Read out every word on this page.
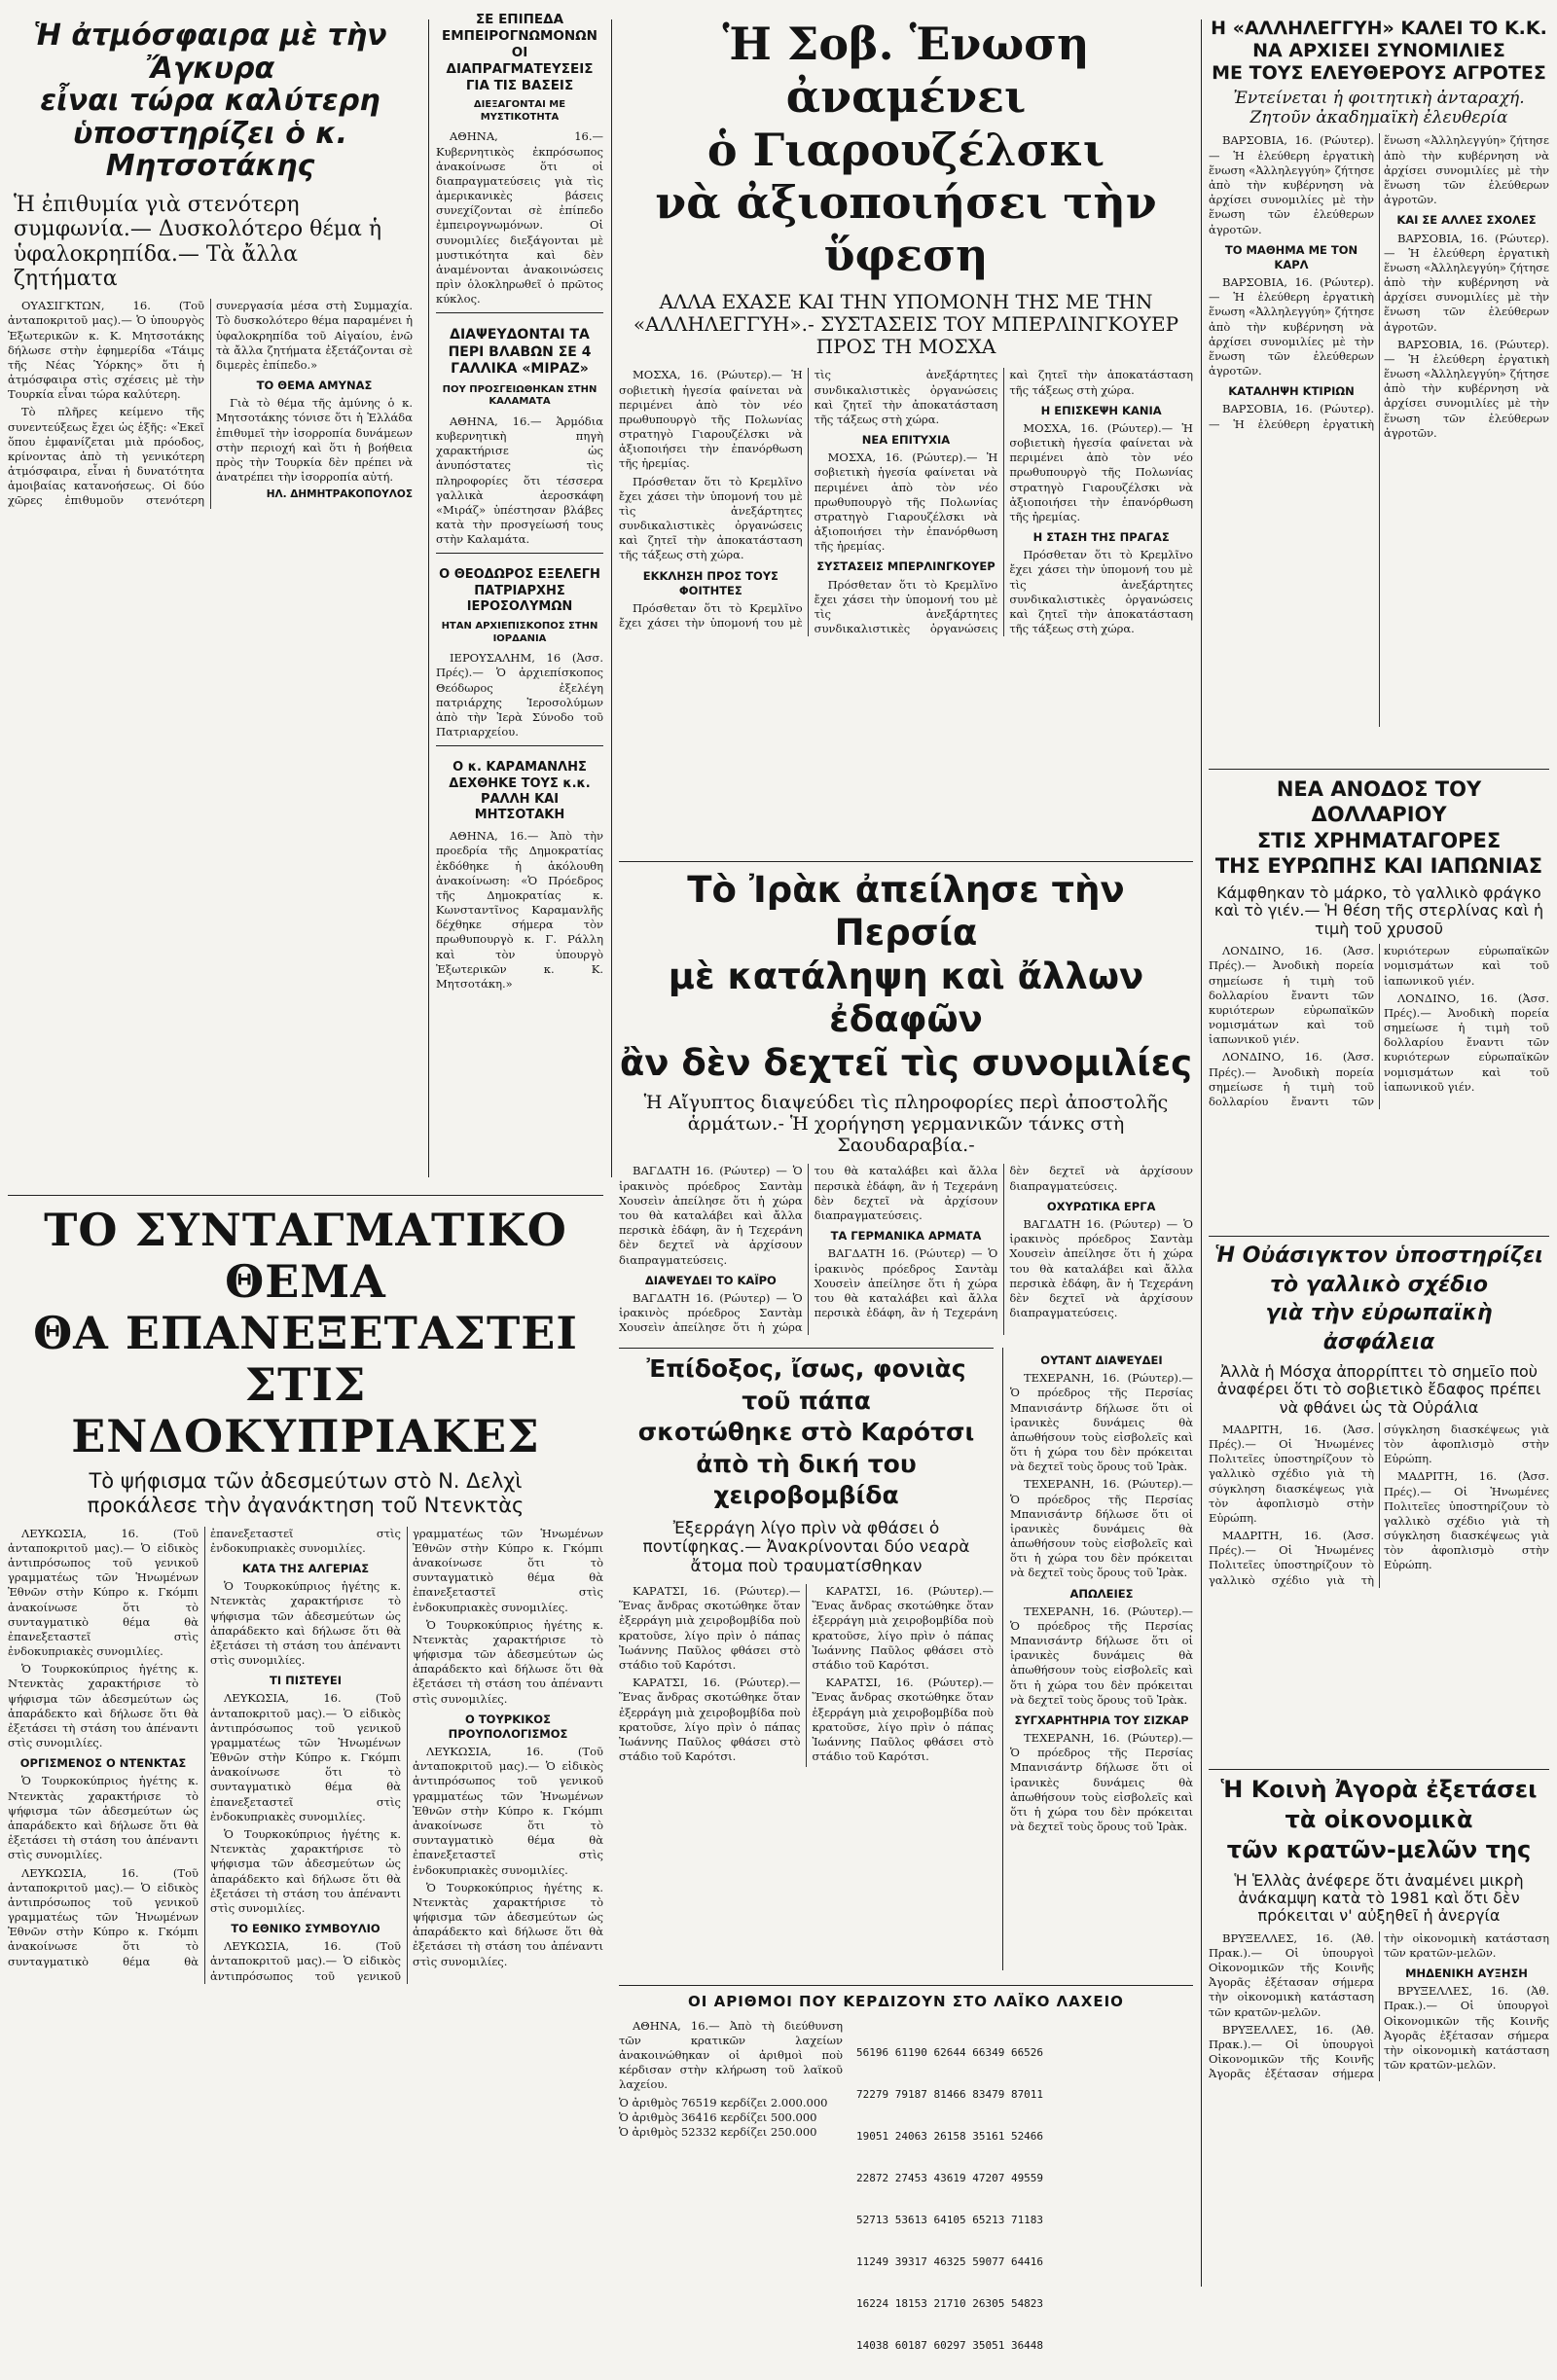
Ἡ ἀτμόσφαιρα μὲ τὴν Ἄγκυρα
εἶναι τώρα καλύτερη
ὑποστηρίζει ὁ κ. Μητσοτάκης
Ἡ ἐπιθυμία γιὰ στενότερη συμφωνία.— Δυσκολότερο θέμα ἡ ὑφαλοκρηπίδα.— Τὰ ἄλλα ζητήματα

ΟΥΑΣΙΓΚΤΩΝ, 16. (Τοῦ ἀνταποκριτοῦ μας).— Ὁ ὑπουργὸς Ἐξωτερικῶν κ. Κ. Μητσοτάκης δήλωσε στὴν ἐφημερίδα «Τάιμς τῆς Νέας Ὑόρκης» ὅτι ἡ ἀτμόσφαιρα στὶς σχέσεις μὲ τὴν Τουρκία εἶναι τώρα καλύτερη.

Τὸ πλῆρες κείμενο τῆς συνεντεύξεως ἔχει ὡς ἑξῆς: «Ἐκεῖ ὅπου ἐμφανίζεται μιὰ πρόοδος, κρίνοντας ἀπὸ τὴ γενικότερη ἀτμόσφαιρα, εἶναι ἡ δυνατότητα ἀμοιβαίας κατανοήσεως. Οἱ δύο χῶρες ἐπιθυμοῦν στενότερη συνεργασία μέσα στὴ Συμμαχία. Τὸ δυσκολότερο θέμα παραμένει ἡ ὑφαλοκρηπίδα τοῦ Αἰγαίου, ἐνῶ τὰ ἄλλα ζητήματα ἐξετάζονται σὲ διμερὲς ἐπίπεδο.»

ΤΟ ΘΕΜΑ ΑΜΥΝΑΣ

Γιὰ τὸ θέμα τῆς ἀμύνης ὁ κ. Μητσοτάκης τόνισε ὅτι ἡ Ἑλλάδα ἐπιθυμεῖ τὴν ἰσορροπία δυνάμεων στὴν περιοχή καὶ ὅτι ἡ βοήθεια πρὸς τὴν Τουρκία δὲν πρέπει νὰ ἀνατρέπει τὴν ἰσορροπία αὐτή.

ΗΛ. ΔΗΜΗΤΡΑΚΟΠΟΥΛΟΣ
ΣΕ ΕΠΙΠΕΔΑ ΕΜΠΕΙΡΟΓΝΩΜΟΝΩΝ ΟΙ ΔΙΑΠΡΑΓΜΑΤΕΥΣΕΙΣ ΓΙΑ ΤΙΣ ΒΑΣΕΙΣ
ΔΙΕΞΑΓΟΝΤΑΙ ΜΕ ΜΥΣΤΙΚΟΤΗΤΑ

ΑΘΗΝΑ, 16.— Κυβερνητικὸς ἐκπρόσωπος ἀνακοίνωσε ὅτι οἱ διαπραγματεύσεις γιὰ τὶς ἀμερικανικὲς βάσεις συνεχίζονται σὲ ἐπίπεδο ἐμπειρογνωμόνων. Οἱ συνομιλίες διεξάγονται μὲ μυστικότητα καὶ δὲν ἀναμένονται ἀνακοινώσεις πρὶν ὁλοκληρωθεῖ ὁ πρῶτος κύκλος.

ΔΙΑΨΕΥΔΟΝΤΑΙ ΤΑ ΠΕΡΙ ΒΛΑΒΩΝ ΣΕ 4 ΓΑΛΛΙΚΑ «ΜΙΡΑΖ»
ΠΟΥ ΠΡΟΣΓΕΙΩΘΗΚΑΝ ΣΤΗΝ ΚΑΛΑΜΑΤΑ

ΑΘΗΝΑ, 16.— Ἁρμόδια κυβερνητικὴ πηγὴ χαρακτήρισε ὡς ἀνυπόστατες τὶς πληροφορίες ὅτι τέσσερα γαλλικὰ ἀεροσκάφη «Μιράζ» ὑπέστησαν βλάβες κατὰ τὴν προσγείωσή τους στὴν Καλαμάτα.

Ο ΘΕΟΔΩΡΟΣ ΕΞΕΛΕΓΗ ΠΑΤΡΙΑΡΧΗΣ ΙΕΡΟΣΟΛΥΜΩΝ
ΗΤΑΝ ΑΡΧΙΕΠΙΣΚΟΠΟΣ ΣΤΗΝ ΙΟΡΔΑΝΙΑ

ΙΕΡΟΥΣΑΛΗΜ, 16 (Ἀσσ. Πρές).— Ὁ ἀρχιεπίσκοπος Θεόδωρος ἐξελέγη πατριάρχης Ἱεροσολύμων ἀπὸ τὴν Ἱερὰ Σύνοδο τοῦ Πατριαρχείου.

Ο κ. ΚΑΡΑΜΑΝΛΗΣ ΔΕΧΘΗΚΕ ΤΟΥΣ κ.κ. ΡΑΛΛΗ ΚΑΙ ΜΗΤΣΟΤΑΚΗ

ΑΘΗΝΑ, 16.— Ἀπὸ τὴν προεδρία τῆς Δημοκρατίας ἐκδόθηκε ἡ ἀκόλουθη ἀνακοίνωση: «Ὁ Πρόεδρος τῆς Δημοκρατίας κ. Κωνσταντῖνος Καραμανλῆς δέχθηκε σήμερα τὸν πρωθυπουργὸ κ. Γ. Ράλλη καὶ τὸν ὑπουργὸ Ἐξωτερικῶν κ. Κ. Μητσοτάκη.»

Ἡ Σοβ. Ἑνωση ἀναμένει
ὁ Γιαρουζέλσκι
νὰ ἀξιοποιήσει τὴν ὕφεση
ΑΛΛΑ ΕΧΑΣΕ ΚΑΙ ΤΗΝ ΥΠΟΜΟΝΗ ΤΗΣ ΜΕ ΤΗΝ «ΑΛΛΗΛΕΓΓΥΗ».- ΣΥΣΤΑΣΕΙΣ ΤΟΥ ΜΠΕΡΛΙΝΓΚΟΥΕΡ ΠΡΟΣ ΤΗ ΜΟΣΧΑ

ΜΟΣΧΑ, 16. (Ρώυτερ).— Ἡ σοβιετικὴ ἡγεσία φαίνεται νὰ περιμένει ἀπὸ τὸν νέο πρωθυπουργὸ τῆς Πολωνίας στρατηγὸ Γιαρουζέλσκι νὰ ἀξιοποιήσει τὴν ἐπανόρθωση τῆς ἠρεμίας.

Πρόσθεταν ὅτι τὸ Κρεμλῖνο ἔχει χάσει τὴν ὑπομονή του μὲ τὶς ἀνεξάρτητες συνδικαλιστικὲς ὀργανώσεις καὶ ζητεῖ τὴν ἀποκατάσταση τῆς τάξεως στὴ χώρα.

ΕΚΚΛΗΣΗ ΠΡΟΣ ΤΟΥΣ ΦΟΙΤΗΤΕΣ

Πρόσθεταν ὅτι τὸ Κρεμλῖνο ἔχει χάσει τὴν ὑπομονή του μὲ τὶς ἀνεξάρτητες συνδικαλιστικὲς ὀργανώσεις καὶ ζητεῖ τὴν ἀποκατάσταση τῆς τάξεως στὴ χώρα.

ΝΕΑ ΕΠΙΤΥΧΙΑ

ΜΟΣΧΑ, 16. (Ρώυτερ).— Ἡ σοβιετικὴ ἡγεσία φαίνεται νὰ περιμένει ἀπὸ τὸν νέο πρωθυπουργὸ τῆς Πολωνίας στρατηγὸ Γιαρουζέλσκι νὰ ἀξιοποιήσει τὴν ἐπανόρθωση τῆς ἠρεμίας.

ΣΥΣΤΑΣΕΙΣ ΜΠΕΡΛΙΝΓΚΟΥΕΡ

Πρόσθεταν ὅτι τὸ Κρεμλῖνο ἔχει χάσει τὴν ὑπομονή του μὲ τὶς ἀνεξάρτητες συνδικαλιστικὲς ὀργανώσεις καὶ ζητεῖ τὴν ἀποκατάσταση τῆς τάξεως στὴ χώρα.

Η ΕΠΙΣΚΕΨΗ ΚΑΝΙΑ

ΜΟΣΧΑ, 16. (Ρώυτερ).— Ἡ σοβιετικὴ ἡγεσία φαίνεται νὰ περιμένει ἀπὸ τὸν νέο πρωθυπουργὸ τῆς Πολωνίας στρατηγὸ Γιαρουζέλσκι νὰ ἀξιοποιήσει τὴν ἐπανόρθωση τῆς ἠρεμίας.

Η ΣΤΑΣΗ ΤΗΣ ΠΡΑΓΑΣ

Πρόσθεταν ὅτι τὸ Κρεμλῖνο ἔχει χάσει τὴν ὑπομονή του μὲ τὶς ἀνεξάρτητες συνδικαλιστικὲς ὀργανώσεις καὶ ζητεῖ τὴν ἀποκατάσταση τῆς τάξεως στὴ χώρα.

Τὸ Ἰρὰκ ἀπείλησε τὴν Περσία
μὲ κατάληψη καὶ ἄλλων ἐδαφῶν
ἂν δὲν δεχτεῖ τὶς συνομιλίες
Ἡ Αἴγυπτος διαψεύδει τὶς πληροφορίες περὶ ἀποστολῆς ἁρμάτων.- Ἡ χορήγηση γερμανικῶν τάνκς στὴ Σαουδαραβία.-

ΒΑΓΔΑΤΗ 16. (Ρώυτερ) — Ὁ ἰρακινὸς πρόεδρος Σαντὰμ Χουσεὶν ἀπείλησε ὅτι ἡ χώρα του θὰ καταλάβει καὶ ἄλλα περσικὰ ἐδάφη, ἂν ἡ Τεχεράνη δὲν δεχτεῖ νὰ ἀρχίσουν διαπραγματεύσεις.

ΔΙΑΨΕΥΔΕΙ ΤΟ ΚΑΪΡΟ

ΒΑΓΔΑΤΗ 16. (Ρώυτερ) — Ὁ ἰρακινὸς πρόεδρος Σαντὰμ Χουσεὶν ἀπείλησε ὅτι ἡ χώρα του θὰ καταλάβει καὶ ἄλλα περσικὰ ἐδάφη, ἂν ἡ Τεχεράνη δὲν δεχτεῖ νὰ ἀρχίσουν διαπραγματεύσεις.

ΤΑ ΓΕΡΜΑΝΙΚΑ ΑΡΜΑΤΑ

ΒΑΓΔΑΤΗ 16. (Ρώυτερ) — Ὁ ἰρακινὸς πρόεδρος Σαντὰμ Χουσεὶν ἀπείλησε ὅτι ἡ χώρα του θὰ καταλάβει καὶ ἄλλα περσικὰ ἐδάφη, ἂν ἡ Τεχεράνη δὲν δεχτεῖ νὰ ἀρχίσουν διαπραγματεύσεις.

ΟΧΥΡΩΤΙΚΑ ΕΡΓΑ

ΒΑΓΔΑΤΗ 16. (Ρώυτερ) — Ὁ ἰρακινὸς πρόεδρος Σαντὰμ Χουσεὶν ἀπείλησε ὅτι ἡ χώρα του θὰ καταλάβει καὶ ἄλλα περσικὰ ἐδάφη, ἂν ἡ Τεχεράνη δὲν δεχτεῖ νὰ ἀρχίσουν διαπραγματεύσεις.

ΤΟ ΣΥΝΤΑΓΜΑΤΙΚΟ ΘΕΜΑ
ΘΑ ΕΠΑΝΕΞΕΤΑΣΤΕΙ
ΣΤΙΣ ΕΝΔΟΚΥΠΡΙΑΚΕΣ
Τὸ ψήφισμα τῶν ἀδεσμεύτων στὸ Ν. Δελχὶ προκάλεσε τὴν ἀγανάκτηση τοῦ Ντενκτὰς

ΛΕΥΚΩΣΙΑ, 16. (Τοῦ ἀνταποκριτοῦ μας).— Ὁ εἰδικὸς ἀντιπρόσωπος τοῦ γενικοῦ γραμματέως τῶν Ἡνωμένων Ἐθνῶν στὴν Κύπρο κ. Γκόμπι ἀνακοίνωσε ὅτι τὸ συνταγματικὸ θέμα θὰ ἐπανεξεταστεῖ στὶς ἐνδοκυπριακὲς συνομιλίες.

Ὁ Τουρκοκύπριος ἡγέτης κ. Ντενκτὰς χαρακτήρισε τὸ ψήφισμα τῶν ἀδεσμεύτων ὡς ἀπαράδεκτο καὶ δήλωσε ὅτι θὰ ἐξετάσει τὴ στάση του ἀπέναντι στὶς συνομιλίες.

ΟΡΓΙΣΜΕΝΟΣ Ο ΝΤΕΝΚΤΑΣ

Ὁ Τουρκοκύπριος ἡγέτης κ. Ντενκτὰς χαρακτήρισε τὸ ψήφισμα τῶν ἀδεσμεύτων ὡς ἀπαράδεκτο καὶ δήλωσε ὅτι θὰ ἐξετάσει τὴ στάση του ἀπέναντι στὶς συνομιλίες.

ΛΕΥΚΩΣΙΑ, 16. (Τοῦ ἀνταποκριτοῦ μας).— Ὁ εἰδικὸς ἀντιπρόσωπος τοῦ γενικοῦ γραμματέως τῶν Ἡνωμένων Ἐθνῶν στὴν Κύπρο κ. Γκόμπι ἀνακοίνωσε ὅτι τὸ συνταγματικὸ θέμα θὰ ἐπανεξεταστεῖ στὶς ἐνδοκυπριακὲς συνομιλίες.

ΚΑΤΑ ΤΗΣ ΑΛΓΕΡΙΑΣ

Ὁ Τουρκοκύπριος ἡγέτης κ. Ντενκτὰς χαρακτήρισε τὸ ψήφισμα τῶν ἀδεσμεύτων ὡς ἀπαράδεκτο καὶ δήλωσε ὅτι θὰ ἐξετάσει τὴ στάση του ἀπέναντι στὶς συνομιλίες.

ΤΙ ΠΙΣΤΕΥΕΙ

ΛΕΥΚΩΣΙΑ, 16. (Τοῦ ἀνταποκριτοῦ μας).— Ὁ εἰδικὸς ἀντιπρόσωπος τοῦ γενικοῦ γραμματέως τῶν Ἡνωμένων Ἐθνῶν στὴν Κύπρο κ. Γκόμπι ἀνακοίνωσε ὅτι τὸ συνταγματικὸ θέμα θὰ ἐπανεξεταστεῖ στὶς ἐνδοκυπριακὲς συνομιλίες.

Ὁ Τουρκοκύπριος ἡγέτης κ. Ντενκτὰς χαρακτήρισε τὸ ψήφισμα τῶν ἀδεσμεύτων ὡς ἀπαράδεκτο καὶ δήλωσε ὅτι θὰ ἐξετάσει τὴ στάση του ἀπέναντι στὶς συνομιλίες.

ΤΟ ΕΘΝΙΚΟ ΣΥΜΒΟΥΛΙΟ

ΛΕΥΚΩΣΙΑ, 16. (Τοῦ ἀνταποκριτοῦ μας).— Ὁ εἰδικὸς ἀντιπρόσωπος τοῦ γενικοῦ γραμματέως τῶν Ἡνωμένων Ἐθνῶν στὴν Κύπρο κ. Γκόμπι ἀνακοίνωσε ὅτι τὸ συνταγματικὸ θέμα θὰ ἐπανεξεταστεῖ στὶς ἐνδοκυπριακὲς συνομιλίες.

Ὁ Τουρκοκύπριος ἡγέτης κ. Ντενκτὰς χαρακτήρισε τὸ ψήφισμα τῶν ἀδεσμεύτων ὡς ἀπαράδεκτο καὶ δήλωσε ὅτι θὰ ἐξετάσει τὴ στάση του ἀπέναντι στὶς συνομιλίες.

Ο ΤΟΥΡΚΙΚΟΣ ΠΡΟΥΠΟΛΟΓΙΣΜΟΣ

ΛΕΥΚΩΣΙΑ, 16. (Τοῦ ἀνταποκριτοῦ μας).— Ὁ εἰδικὸς ἀντιπρόσωπος τοῦ γενικοῦ γραμματέως τῶν Ἡνωμένων Ἐθνῶν στὴν Κύπρο κ. Γκόμπι ἀνακοίνωσε ὅτι τὸ συνταγματικὸ θέμα θὰ ἐπανεξεταστεῖ στὶς ἐνδοκυπριακὲς συνομιλίες.

Ὁ Τουρκοκύπριος ἡγέτης κ. Ντενκτὰς χαρακτήρισε τὸ ψήφισμα τῶν ἀδεσμεύτων ὡς ἀπαράδεκτο καὶ δήλωσε ὅτι θὰ ἐξετάσει τὴ στάση του ἀπέναντι στὶς συνομιλίες.

Ἐπίδοξος, ἴσως, φονιὰς τοῦ πάπα
σκοτώθηκε στὸ Καρότσι
ἀπὸ τὴ δική του χειροβομβίδα
Ἐξερράγη λίγο πρὶν νὰ φθάσει ὁ ποντίφηκας.— Ἀνακρίνονται δύο νεαρὰ ἄτομα ποὺ τραυματίσθηκαν

ΚΑΡΑΤΣΙ, 16. (Ρώυτερ).— Ἕνας ἄνδρας σκοτώθηκε ὅταν ἐξερράγη μιὰ χειροβομβίδα ποὺ κρατοῦσε, λίγο πρὶν ὁ πάπας Ἰωάννης Παῦλος φθάσει στὸ στάδιο τοῦ Καρότσι.

ΚΑΡΑΤΣΙ, 16. (Ρώυτερ).— Ἕνας ἄνδρας σκοτώθηκε ὅταν ἐξερράγη μιὰ χειροβομβίδα ποὺ κρατοῦσε, λίγο πρὶν ὁ πάπας Ἰωάννης Παῦλος φθάσει στὸ στάδιο τοῦ Καρότσι.

ΚΑΡΑΤΣΙ, 16. (Ρώυτερ).— Ἕνας ἄνδρας σκοτώθηκε ὅταν ἐξερράγη μιὰ χειροβομβίδα ποὺ κρατοῦσε, λίγο πρὶν ὁ πάπας Ἰωάννης Παῦλος φθάσει στὸ στάδιο τοῦ Καρότσι.

ΚΑΡΑΤΣΙ, 16. (Ρώυτερ).— Ἕνας ἄνδρας σκοτώθηκε ὅταν ἐξερράγη μιὰ χειροβομβίδα ποὺ κρατοῦσε, λίγο πρὶν ὁ πάπας Ἰωάννης Παῦλος φθάσει στὸ στάδιο τοῦ Καρότσι.

ΟΙ ΑΡΙΘΜΟΙ ΠΟΥ ΚΕΡΔΙΖΟΥΝ ΣΤΟ ΛΑΪΚΟ ΛΑΧΕΙΟ

ΑΘΗΝΑ, 16.— Ἀπὸ τὴ διεύθυνση τῶν κρατικῶν λαχείων ἀνακοινώθηκαν οἱ ἀριθμοὶ ποὺ κέρδισαν στὴν κλήρωση τοῦ λαϊκοῦ λαχείου.

Ὁ ἀριθμὸς 76519 κερδίζει 2.000.000
Ὁ ἀριθμὸς 36416 κερδίζει 500.000
Ὁ ἀριθμὸς 52332 κερδίζει 250.000

56196 61190 62644 66349 66526

72279 79187 81466 83479 87011

19051 24063 26158 35161 52466

22872 27453 43619 47207 49559

52713 53613 64105 65213 71183

11249 39317 46325 59077 64416

16224 18153 21710 26305 54823

14038 60187 60297 35051 36448

ΟΥΤΑΝΤ ΔΙΑΨΕΥΔΕΙ

ΤΕΧΕΡΑΝΗ, 16. (Ρώυτερ).— Ὁ πρόεδρος τῆς Περσίας Μπανισάντρ δήλωσε ὅτι οἱ ἰρανικὲς δυνάμεις θὰ ἀπωθήσουν τοὺς εἰσβολεῖς καὶ ὅτι ἡ χώρα του δὲν πρόκειται νὰ δεχτεῖ τοὺς ὅρους τοῦ Ἰρὰκ.

ΤΕΧΕΡΑΝΗ, 16. (Ρώυτερ).— Ὁ πρόεδρος τῆς Περσίας Μπανισάντρ δήλωσε ὅτι οἱ ἰρανικὲς δυνάμεις θὰ ἀπωθήσουν τοὺς εἰσβολεῖς καὶ ὅτι ἡ χώρα του δὲν πρόκειται νὰ δεχτεῖ τοὺς ὅρους τοῦ Ἰρὰκ.

ΑΠΩΛΕΙΕΣ

ΤΕΧΕΡΑΝΗ, 16. (Ρώυτερ).— Ὁ πρόεδρος τῆς Περσίας Μπανισάντρ δήλωσε ὅτι οἱ ἰρανικὲς δυνάμεις θὰ ἀπωθήσουν τοὺς εἰσβολεῖς καὶ ὅτι ἡ χώρα του δὲν πρόκειται νὰ δεχτεῖ τοὺς ὅρους τοῦ Ἰρὰκ.

ΣΥΓΧΑΡΗΤΗΡΙΑ ΤΟΥ ΣΙΖΚΑΡ

ΤΕΧΕΡΑΝΗ, 16. (Ρώυτερ).— Ὁ πρόεδρος τῆς Περσίας Μπανισάντρ δήλωσε ὅτι οἱ ἰρανικὲς δυνάμεις θὰ ἀπωθήσουν τοὺς εἰσβολεῖς καὶ ὅτι ἡ χώρα του δὲν πρόκειται νὰ δεχτεῖ τοὺς ὅρους τοῦ Ἰρὰκ.

Η «ΑΛΛΗΛΕΓΓΥΗ» ΚΑΛΕΙ ΤΟ Κ.Κ.
ΝΑ ΑΡΧΙΣΕΙ ΣΥΝΟΜΙΛΙΕΣ
ΜΕ ΤΟΥΣ ΕΛΕΥΘΕΡΟΥΣ ΑΓΡΟΤΕΣ
Ἐντείνεται ἡ φοιτητικὴ ἀνταραχή. Ζητοῦν ἀκαδημαϊκὴ ἐλευθερία

ΒΑΡΣΟΒΙΑ, 16. (Ρώυτερ).— Ἡ ἐλεύθερη ἐργατικὴ ἕνωση «Ἀλληλεγγύη» ζήτησε ἀπὸ τὴν κυβέρνηση νὰ ἀρχίσει συνομιλίες μὲ τὴν ἕνωση τῶν ἐλεύθερων ἀγροτῶν.

ΤΟ ΜΑΘΗΜΑ ΜΕ ΤΟΝ ΚΑΡΛ

ΒΑΡΣΟΒΙΑ, 16. (Ρώυτερ).— Ἡ ἐλεύθερη ἐργατικὴ ἕνωση «Ἀλληλεγγύη» ζήτησε ἀπὸ τὴν κυβέρνηση νὰ ἀρχίσει συνομιλίες μὲ τὴν ἕνωση τῶν ἐλεύθερων ἀγροτῶν.

ΚΑΤΑΛΗΨΗ ΚΤΙΡΙΩΝ

ΒΑΡΣΟΒΙΑ, 16. (Ρώυτερ).— Ἡ ἐλεύθερη ἐργατικὴ ἕνωση «Ἀλληλεγγύη» ζήτησε ἀπὸ τὴν κυβέρνηση νὰ ἀρχίσει συνομιλίες μὲ τὴν ἕνωση τῶν ἐλεύθερων ἀγροτῶν.

ΚΑΙ ΣΕ ΑΛΛΕΣ ΣΧΟΛΕΣ

ΒΑΡΣΟΒΙΑ, 16. (Ρώυτερ).— Ἡ ἐλεύθερη ἐργατικὴ ἕνωση «Ἀλληλεγγύη» ζήτησε ἀπὸ τὴν κυβέρνηση νὰ ἀρχίσει συνομιλίες μὲ τὴν ἕνωση τῶν ἐλεύθερων ἀγροτῶν.

ΒΑΡΣΟΒΙΑ, 16. (Ρώυτερ).— Ἡ ἐλεύθερη ἐργατικὴ ἕνωση «Ἀλληλεγγύη» ζήτησε ἀπὸ τὴν κυβέρνηση νὰ ἀρχίσει συνομιλίες μὲ τὴν ἕνωση τῶν ἐλεύθερων ἀγροτῶν.

ΝΕΑ ΑΝΟΔΟΣ ΤΟΥ ΔΟΛΛΑΡΙΟΥ
ΣΤΙΣ ΧΡΗΜΑΤΑΓΟΡΕΣ
ΤΗΣ ΕΥΡΩΠΗΣ ΚΑΙ ΙΑΠΩΝΙΑΣ
Κάμφθηκαν τὸ μάρκο, τὸ γαλλικὸ φράγκο καὶ τὸ γιέν.— Ἡ θέση τῆς στερλίνας καὶ ἡ τιμὴ τοῦ χρυσοῦ

ΛΟΝΔΙΝΟ, 16. (Ἀσσ. Πρές).— Ἀνοδικὴ πορεία σημείωσε ἡ τιμὴ τοῦ δολλαρίου ἔναντι τῶν κυριότερων εὐρωπαϊκῶν νομισμάτων καὶ τοῦ ἰαπωνικοῦ γιέν.

ΛΟΝΔΙΝΟ, 16. (Ἀσσ. Πρές).— Ἀνοδικὴ πορεία σημείωσε ἡ τιμὴ τοῦ δολλαρίου ἔναντι τῶν κυριότερων εὐρωπαϊκῶν νομισμάτων καὶ τοῦ ἰαπωνικοῦ γιέν.

ΛΟΝΔΙΝΟ, 16. (Ἀσσ. Πρές).— Ἀνοδικὴ πορεία σημείωσε ἡ τιμὴ τοῦ δολλαρίου ἔναντι τῶν κυριότερων εὐρωπαϊκῶν νομισμάτων καὶ τοῦ ἰαπωνικοῦ γιέν.

Ἡ Οὐάσιγκτον ὑποστηρίζει
τὸ γαλλικὸ σχέδιο
γιὰ τὴν εὐρωπαϊκὴ ἀσφάλεια
Ἀλλὰ ἡ Μόσχα ἀπορρίπτει τὸ σημεῖο ποὺ ἀναφέρει ὅτι τὸ σοβιετικὸ ἔδαφος πρέπει νὰ φθάνει ὡς τὰ Οὐράλια

ΜΑΔΡΙΤΗ, 16. (Ἀσσ. Πρές).— Οἱ Ἡνωμένες Πολιτεῖες ὑποστηρίζουν τὸ γαλλικὸ σχέδιο γιὰ τὴ σύγκληση διασκέψεως γιὰ τὸν ἀφοπλισμὸ στὴν Εὐρώπη.

ΜΑΔΡΙΤΗ, 16. (Ἀσσ. Πρές).— Οἱ Ἡνωμένες Πολιτεῖες ὑποστηρίζουν τὸ γαλλικὸ σχέδιο γιὰ τὴ σύγκληση διασκέψεως γιὰ τὸν ἀφοπλισμὸ στὴν Εὐρώπη.

ΜΑΔΡΙΤΗ, 16. (Ἀσσ. Πρές).— Οἱ Ἡνωμένες Πολιτεῖες ὑποστηρίζουν τὸ γαλλικὸ σχέδιο γιὰ τὴ σύγκληση διασκέψεως γιὰ τὸν ἀφοπλισμὸ στὴν Εὐρώπη.

Ἡ Κοινὴ Ἀγορὰ ἐξετάσει
τὰ οἰκονομικὰ
τῶν κρατῶν-μελῶν της
Ἡ Ἑλλὰς ἀνέφερε ὅτι ἀναμένει μικρὴ ἀνάκαμψη κατὰ τὸ 1981 καὶ ὅτι δὲν πρόκειται ν' αὐξηθεῖ ἡ ἀνεργία

ΒΡΥΞΕΛΛΕΣ, 16. (Ἀθ. Πρακ.).— Οἱ ὑπουργοὶ Οἰκονομικῶν τῆς Κοινῆς Ἀγορᾶς ἐξέτασαν σήμερα τὴν οἰκονομικὴ κατάσταση τῶν κρατῶν-μελῶν.

ΒΡΥΞΕΛΛΕΣ, 16. (Ἀθ. Πρακ.).— Οἱ ὑπουργοὶ Οἰκονομικῶν τῆς Κοινῆς Ἀγορᾶς ἐξέτασαν σήμερα τὴν οἰκονομικὴ κατάσταση τῶν κρατῶν-μελῶν.

ΜΗΔΕΝΙΚΗ ΑΥΞΗΣΗ

ΒΡΥΞΕΛΛΕΣ, 16. (Ἀθ. Πρακ.).— Οἱ ὑπουργοὶ Οἰκονομικῶν τῆς Κοινῆς Ἀγορᾶς ἐξέτασαν σήμερα τὴν οἰκονομικὴ κατάσταση τῶν κρατῶν-μελῶν.
